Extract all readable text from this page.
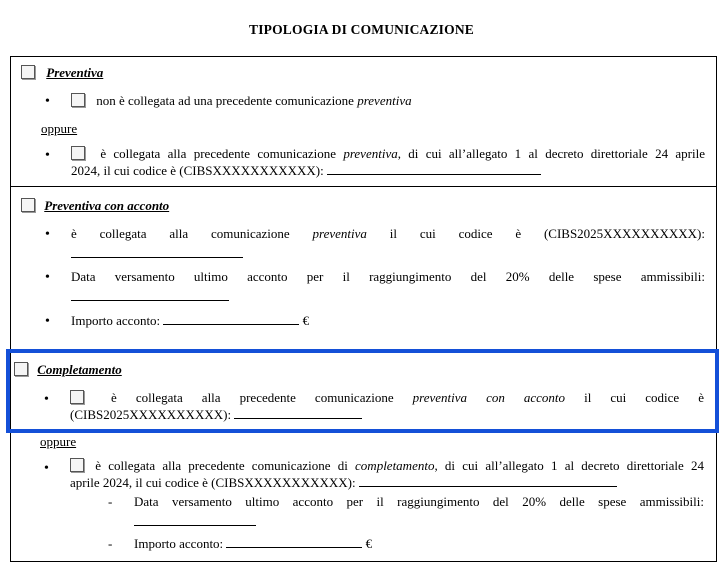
TIPOLOGIA DI COMUNICAZIONE
Preventiva
•	non è collegata ad una precedente comunicazione preventiva
oppure
•	è collegata alla precedente comunicazione preventiva, di cui all’allegato 1 al decreto direttoriale 24 aprile
2024, il cui codice è (CIBSXXXXXXXXXXX):
Preventiva con acconto
• è collegata alla comunicazione preventiva il cui codice è (CIBS2025XXXXXXXXXX):
• Data versamento ultimo acconto per il raggiungimento del 20% delle spese ammissibili:
• Importo acconto:	€
Completamento
•	è collegata alla precedente comunicazione preventiva con acconto il cui codice è
(CIBS2025XXXXXXXXXX):
oppure
•	è collegata alla precedente comunicazione di completamento, di cui all’allegato 1 al decreto direttoriale 24
aprile 2024, il cui codice è (CIBSXXXXXXXXXXX):
- Data versamento ultimo acconto per il raggiungimento del 20% delle spese ammissibili:
- Importo acconto:	€
